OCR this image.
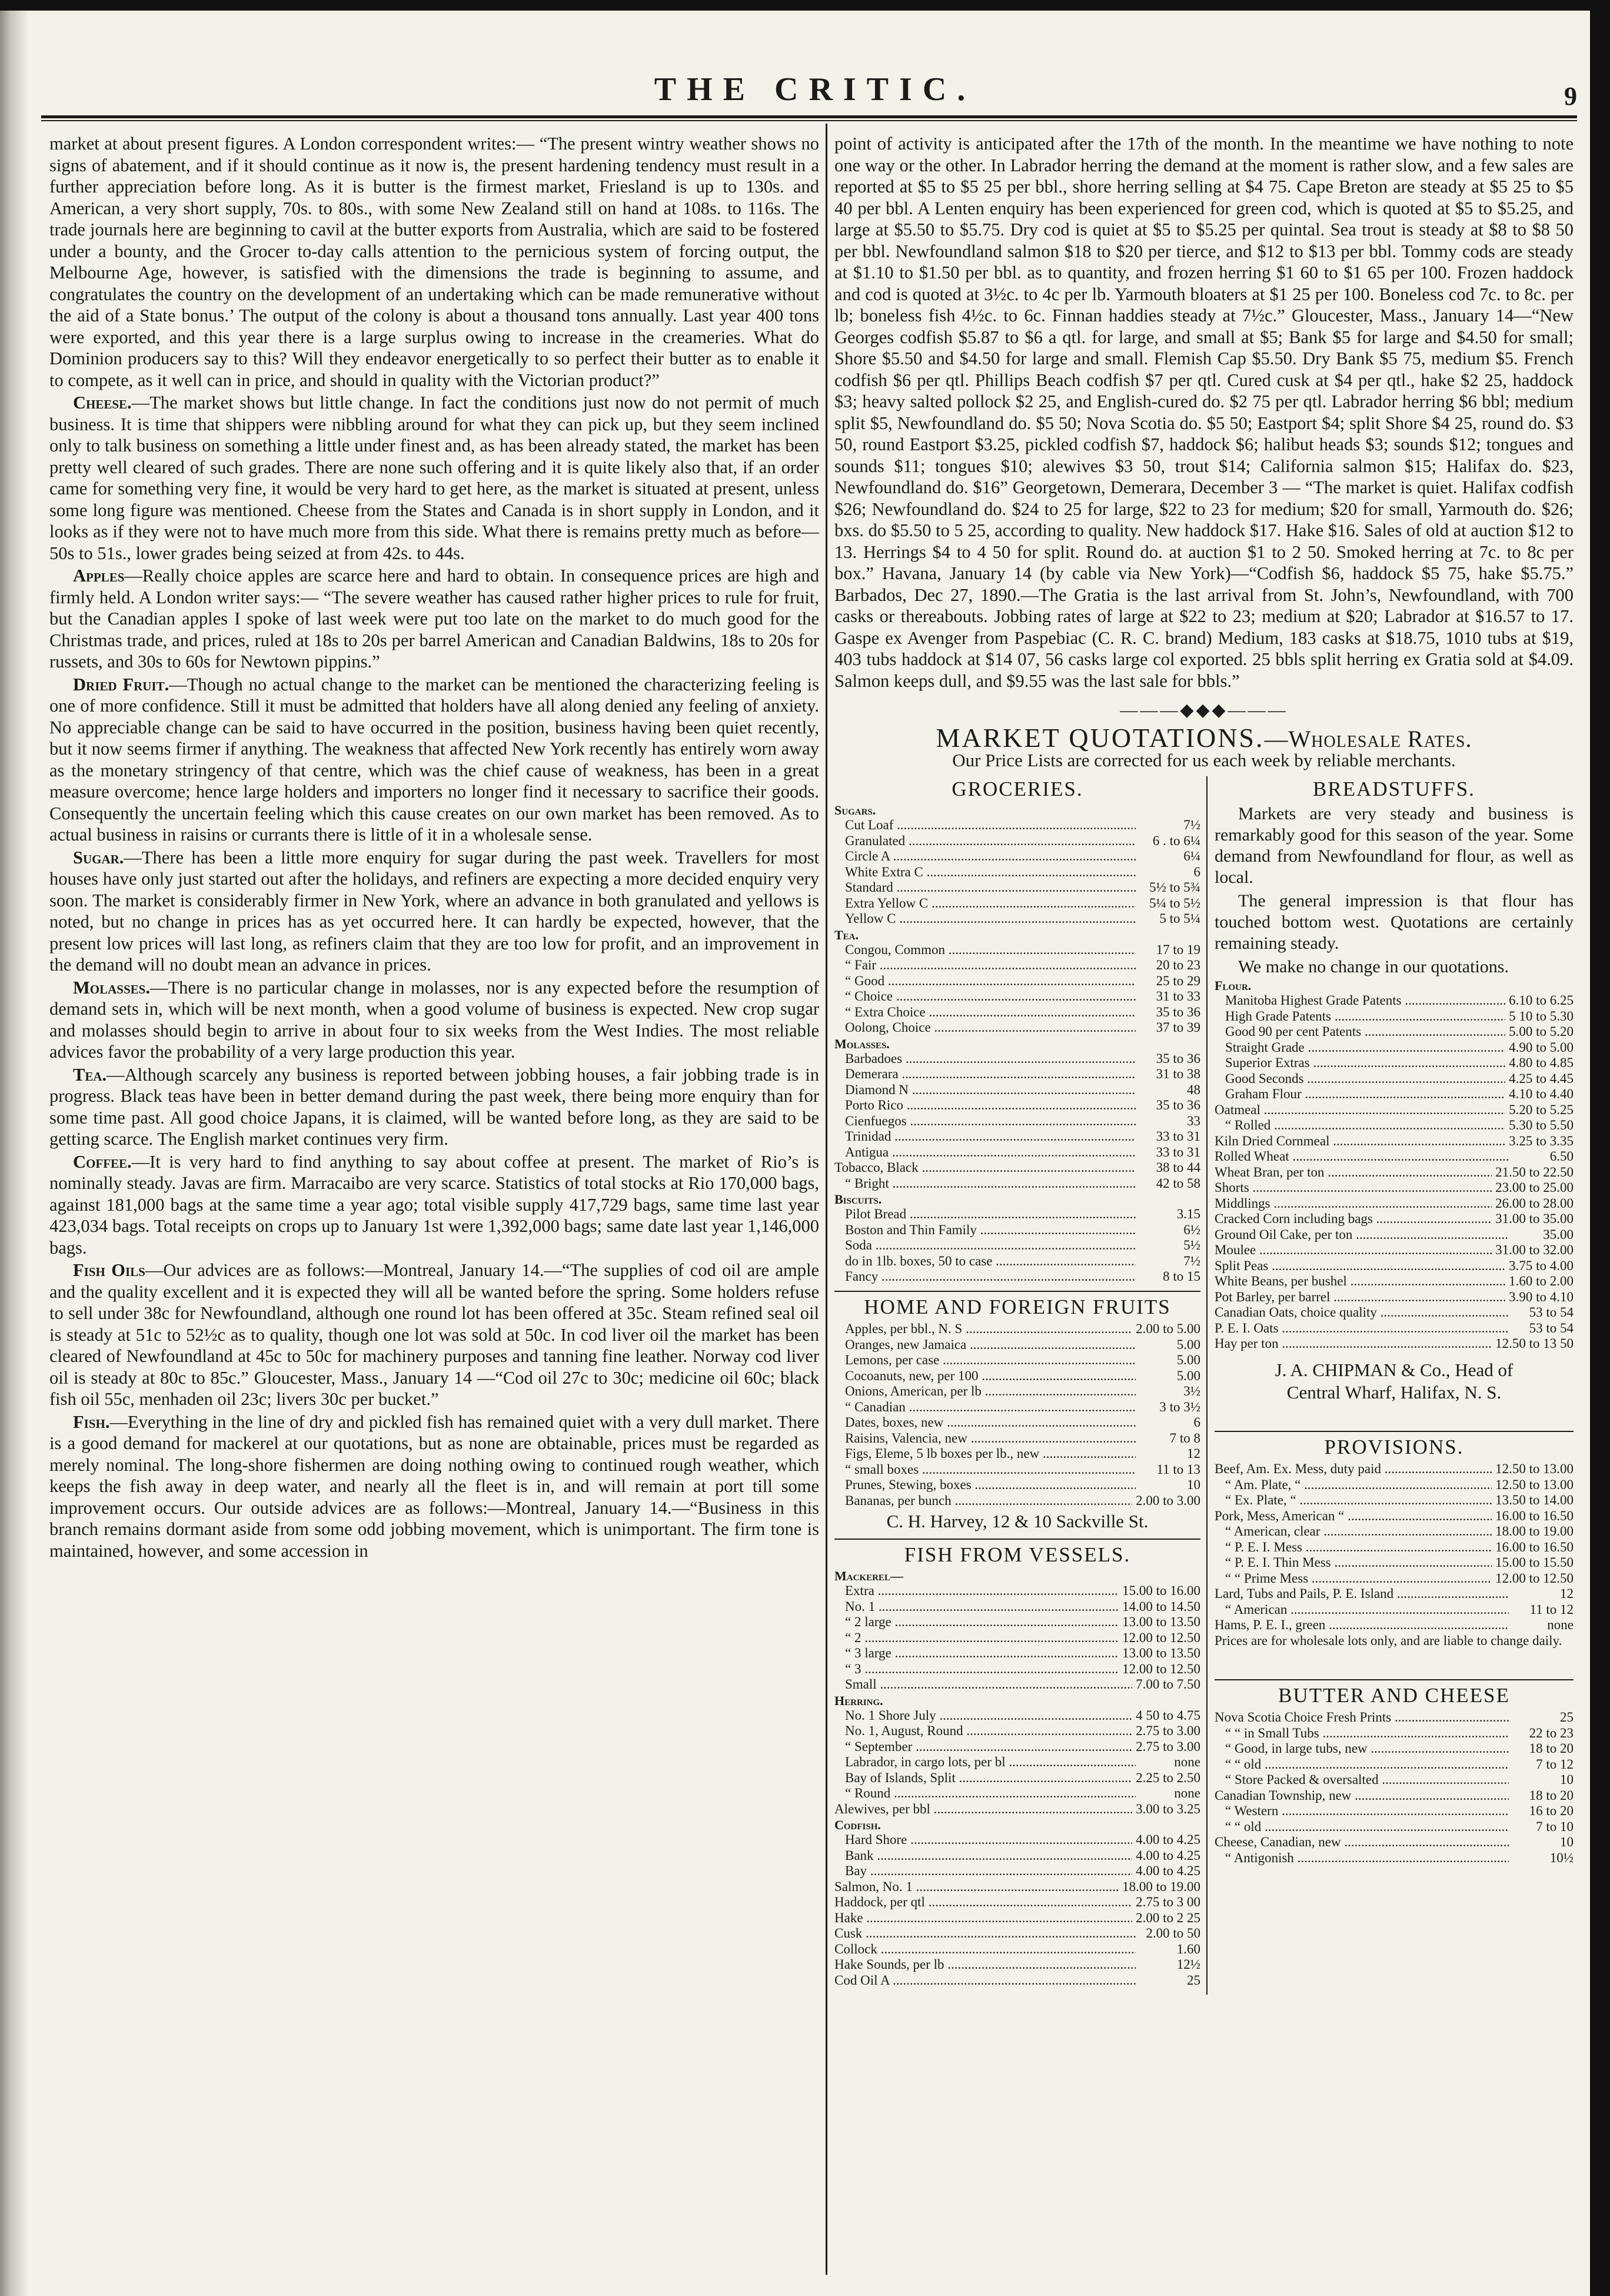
THE CRITIC.	9

market at about present figures. A London correspondent writes:— “The present wintry weather shows no signs of abatement, and if it should continue as it now is, the present hardening tendency must result in a further appreciation before long. As it is butter is the firmest market, Friesland is up to 130s. and American, a very short supply, 70s. to 80s., with some New Zealand still on hand at 108s. to 116s. The trade journals here are beginning to cavil at the butter exports from Australia, which are said to be fostered under a bounty, and the Grocer to-day calls attention to the pernicious system of forcing output, the Melbourne Age, however, is satisfied with the dimensions the trade is beginning to assume, and congratulates the country on the development of an undertaking which can be made remunerative without the aid of a State bonus.’ The output of the colony is about a thousand tons annually. Last year 400 tons were exported, and this year there is a large surplus owing to increase in the creameries. What do Dominion producers say to this? Will they endeavor energetically to so perfect their butter as to enable it to compete, as it well can in price, and should in quality with the Victorian product?”

Cheese.—The market shows but little change. In fact the conditions just now do not permit of much business. It is time that shippers were nibbling around for what they can pick up, but they seem inclined only to talk business on something a little under finest and, as has been already stated, the market has been pretty well cleared of such grades. There are none such offering and it is quite likely also that, if an order came for something very fine, it would be very hard to get here, as the market is situated at present, unless some long figure was mentioned. Cheese from the States and Canada is in short supply in London, and it looks as if they were not to have much more from this side. What there is remains pretty much as before—50s to 51s., lower grades being seized at from 42s. to 44s.

Apples—Really choice apples are scarce here and hard to obtain. In consequence prices are high and firmly held. A London writer says:— “The severe weather has caused rather higher prices to rule for fruit, but the Canadian apples I spoke of last week were put too late on the market to do much good for the Christmas trade, and prices, ruled at 18s to 20s per barrel American and Canadian Baldwins, 18s to 20s for russets, and 30s to 60s for Newtown pippins.”

Dried Fruit.—Though no actual change to the market can be mentioned the characterizing feeling is one of more confidence. Still it must be admitted that holders have all along denied any feeling of anxiety. No appreciable change can be said to have occurred in the position, business having been quiet recently, but it now seems firmer if anything. The weakness that affected New York recently has entirely worn away as the monetary stringency of that centre, which was the chief cause of weakness, has been in a great measure overcome; hence large holders and importers no longer find it necessary to sacrifice their goods. Consequently the uncertain feeling which this cause creates on our own market has been removed. As to actual business in raisins or currants there is little of it in a wholesale sense.

Sugar.—There has been a little more enquiry for sugar during the past week. Travellers for most houses have only just started out after the holidays, and refiners are expecting a more decided enquiry very soon. The market is considerably firmer in New York, where an advance in both granulated and yellows is noted, but no change in prices has as yet occurred here. It can hardly be expected, however, that the present low prices will last long, as refiners claim that they are too low for profit, and an improvement in the demand will no doubt mean an advance in prices.

Molasses.—There is no particular change in molasses, nor is any expected before the resumption of demand sets in, which will be next month, when a good volume of business is expected. New crop sugar and molasses should begin to arrive in about four to six weeks from the West Indies. The most reliable advices favor the probability of a very large production this year.

Tea.—Although scarcely any business is reported between jobbing houses, a fair jobbing trade is in progress. Black teas have been in better demand during the past week, there being more enquiry than for some time past. All good choice Japans, it is claimed, will be wanted before long, as they are said to be getting scarce. The English market continues very firm.

Coffee.—It is very hard to find anything to say about coffee at present. The market of Rio’s is nominally steady. Javas are firm. Marracaibo are very scarce. Statistics of total stocks at Rio 170,000 bags, against 181,000 bags at the same time a year ago; total visible supply 417,729 bags, same time last year 423,034 bags. Total receipts on crops up to January 1st were 1,392,000 bags; same date last year 1,146,000 bags.

Fish Oils—Our advices are as follows:—Montreal, January 14.—“The supplies of cod oil are ample and the quality excellent and it is expected they will all be wanted before the spring. Some holders refuse to sell under 38c for Newfoundland, although one round lot has been offered at 35c. Steam refined seal oil is steady at 51c to 52½c as to quality, though one lot was sold at 50c. In cod liver oil the market has been cleared of Newfoundland at 45c to 50c for machinery purposes and tanning fine leather. Norway cod liver oil is steady at 80c to 85c.” Gloucester, Mass., January 14 —“Cod oil 27c to 30c; medicine oil 60c; black fish oil 55c, menhaden oil 23c; livers 30c per bucket.”

Fish.—Everything in the line of dry and pickled fish has remained quiet with a very dull market. There is a good demand for mackerel at our quotations, but as none are obtainable, prices must be regarded as merely nominal. The long-shore fishermen are doing nothing owing to continued rough weather, which keeps the fish away in deep water, and nearly all the fleet is in, and will remain at port till some improvement occurs. Our outside advices are as follows:—Montreal, January 14.—“Business in this branch remains dormant aside from some odd jobbing movement, which is unimportant. The firm tone is maintained, however, and some accession in

point of activity is anticipated after the 17th of the month. In the meantime we have nothing to note one way or the other. In Labrador herring the demand at the moment is rather slow, and a few sales are reported at $5 to $5 25 per bbl., shore herring selling at $4 75. Cape Breton are steady at $5 25 to $5 40 per bbl. A Lenten enquiry has been experienced for green cod, which is quoted at $5 to $5.25, and large at $5.50 to $5.75. Dry cod is quiet at $5 to $5.25 per quintal. Sea trout is steady at $8 to $8 50 per bbl. Newfoundland salmon $18 to $20 per tierce, and $12 to $13 per bbl. Tommy cods are steady at $1.10 to $1.50 per bbl. as to quantity, and frozen herring $1 60 to $1 65 per 100. Frozen haddock and cod is quoted at 3½c. to 4c per lb. Yarmouth bloaters at $1 25 per 100. Boneless cod 7c. to 8c. per lb; boneless fish 4½c. to 6c. Finnan haddies steady at 7½c.” Gloucester, Mass., January 14—“New Georges codfish $5.87 to $6 a qtl. for large, and small at $5; Bank $5 for large and $4.50 for small; Shore $5.50 and $4.50 for large and small. Flemish Cap $5.50. Dry Bank $5 75, medium $5. French codfish $6 per qtl. Phillips Beach codfish $7 per qtl. Cured cusk at $4 per qtl., hake $2 25, haddock $3; heavy salted pollock $2 25, and English-cured do. $2 75 per qtl. Labrador herring $6 bbl; medium split $5, Newfoundland do. $5 50; Nova Scotia do. $5 50; Eastport $4; split Shore $4 25, round do. $3 50, round Eastport $3.25, pickled codfish $7, haddock $6; halibut heads $3; sounds $12; tongues and sounds $11; tongues $10; alewives $3 50, trout $14; California salmon $15; Halifax do. $23, Newfoundland do. $16” Georgetown, Demerara, December 3 — “The market is quiet. Halifax codfish $26; Newfoundland do. $24 to 25 for large, $22 to 23 for medium; $20 for small, Yarmouth do. $26; bxs. do $5.50 to 5 25, according to quality. New haddock $17. Hake $16. Sales of old at auction $12 to 13. Herrings $4 to 4 50 for split. Round do. at auction $1 to 2 50. Smoked herring at 7c. to 8c per box.” Havana, January 14 (by cable via New York)—“Codfish $6, haddock $5 75, hake $5.75.” Barbados, Dec 27, 1890.—The Gratia is the last arrival from St. John’s, Newfoundland, with 700 casks or thereabouts. Jobbing rates of large at $22 to 23; medium at $20; Labrador at $16.57 to 17. Gaspe ex Avenger from Paspebiac (C. R. C. brand) Medium, 183 casks at $18.75, 1010 tubs at $19, 403 tubs haddock at $14 07, 56 casks large col exported. 25 bbls split herring ex Gratia sold at $4.09. Salmon keeps dull, and $9.55 was the last sale for bbls.”

———◆◆◆———
MARKET QUOTATIONS.—Wholesale Rates.
Our Price Lists are corrected for us each week by reliable merchants.
GROCERIES.
Sugars.
Cut Loaf .....	7½
Granulated .....	6 . to 6¼
Circle A .....	6¼
White Extra C .....	6
Standard .....	5½ to 5¾
Extra Yellow C .....	5¼ to 5½
Yellow C .....	5 to 5¼
Tea.
Congou, Common .....	17 to 19
“ Fair .....	20 to 23
“ Good .....	25 to 29
“ Choice .....	31 to 33
“ Extra Choice .....	35 to 36
Oolong, Choice .....	37 to 39
Molasses.
Barbadoes .....	35 to 36
Demerara .....	31 to 38
Diamond N .....	48
Porto Rico .....	35 to 36
Cienfuegos .....	33
Trinidad .....	33 to 31
Antigua .....	33 to 31
Tobacco, Black .....	38 to 44
“ Bright .....	42 to 58
Biscuits.
Pilot Bread .....	3.15
Boston and Thin Family .....	6½
Soda .....	5½
do in 1lb. boxes, 50 to case .....	7½
Fancy .....	8 to 15
HOME AND FOREIGN FRUITS
Apples, per bbl., N. S .....	2.00 to 5.00
Oranges, new Jamaica .....	5.00
Lemons, per case .....	5.00
Cocoanuts, new, per 100 .....	5.00
Onions, American, per lb .....	3½
“ Canadian .....	3 to 3½
Dates, boxes, new .....	6
Raisins, Valencia, new .....	7 to 8
Figs, Eleme, 5 lb boxes per lb., new .....	12
“ small boxes .....	11 to 13
Prunes, Stewing, boxes .....	10
Bananas, per bunch .....	2.00 to 3.00
C. H. Harvey, 12 & 10 Sackville St.
FISH FROM VESSELS.
Mackerel—
Extra .....	15.00 to 16.00
No. 1 .....	14.00 to 14.50
“ 2 large .....	13.00 to 13.50
“ 2 .....	12.00 to 12.50
“ 3 large .....	13.00 to 13.50
“ 3 .....	12.00 to 12.50
Small .....	7.00 to 7.50
Herring.
No. 1 Shore July .....	4 50 to 4.75
No. 1, August, Round .....	2.75 to 3.00
“ September .....	2.75 to 3.00
Labrador, in cargo lots, per bl .....	none
Bay of Islands, Split .....	2.25 to 2.50
“ Round .....	none
Alewives, per bbl .....	3.00 to 3.25
Codfish.
Hard Shore .....	4.00 to 4.25
Bank .....	4.00 to 4.25
Bay .....	4.00 to 4.25
Salmon, No. 1 .....	18.00 to 19.00
Haddock, per qtl .....	2.75 to 3 00
Hake .....	2.00 to 2 25
Cusk .....	2.00 to 50
Collock .....	1.60
Hake Sounds, per lb .....	12½
Cod Oil A .....	25
BREADSTUFFS.

Markets are very steady and business is remarkably good for this season of the year. Some demand from Newfoundland for flour, as well as local.

The general impression is that flour has touched bottom west. Quotations are certainly remaining steady.

We make no change in our quotations.

Flour.
Manitoba Highest Grade Patents .....	6.10 to 6.25
High Grade Patents .....	5 10 to 5.30
Good 90 per cent Patents .....	5.00 to 5.20
Straight Grade .....	4.90 to 5.00
Superior Extras .....	4.80 to 4.85
Good Seconds .....	4.25 to 4.45
Graham Flour .....	4.10 to 4.40
Oatmeal .....	5.20 to 5.25
“ Rolled .....	5.30 to 5.50
Kiln Dried Cornmeal .....	3.25 to 3.35
Rolled Wheat .....	6.50
Wheat Bran, per ton .....	21.50 to 22.50
Shorts .....	23.00 to 25.00
Middlings .....	26.00 to 28.00
Cracked Corn including bags .....	31.00 to 35.00
Ground Oil Cake, per ton .....	35.00
Moulee .....	31.00 to 32.00
Split Peas .....	3.75 to 4.00
White Beans, per bushel .....	1.60 to 2.00
Pot Barley, per barrel .....	3.90 to 4.10
Canadian Oats, choice quality .....	53 to 54
P. E. I. Oats .....	53 to 54
Hay per ton .....	12.50 to 13 50
J. A. CHIPMAN & Co., Head of
Central Wharf, Halifax, N. S.
PROVISIONS.
Beef, Am. Ex. Mess, duty paid .....	12.50 to 13.00
“ Am. Plate, “ .....	12.50 to 13.00
“ Ex. Plate, “ .....	13.50 to 14.00
Pork, Mess, American “ .....	16.00 to 16.50
“ American, clear .....	18.00 to 19.00
“ P. E. I. Mess .....	16.00 to 16.50
“ P. E. I. Thin Mess .....	15.00 to 15.50
“ “ Prime Mess .....	12.00 to 12.50
Lard, Tubs and Pails, P. E. Island .....	12
“ American .....	11 to 12
Hams, P. E. I., green .....	none
Prices are for wholesale lots only, and are liable to change daily.
BUTTER AND CHEESE
Nova Scotia Choice Fresh Prints .....	25
“ “ in Small Tubs .....	22 to 23
“ Good, in large tubs, new .....	18 to 20
“ “ old .....	7 to 12
“ Store Packed & oversalted .....	10
Canadian Township, new .....	18 to 20
“ Western .....	16 to 20
“ “ old .....	7 to 10
Cheese, Canadian, new .....	10
“ Antigonish .....	10½
